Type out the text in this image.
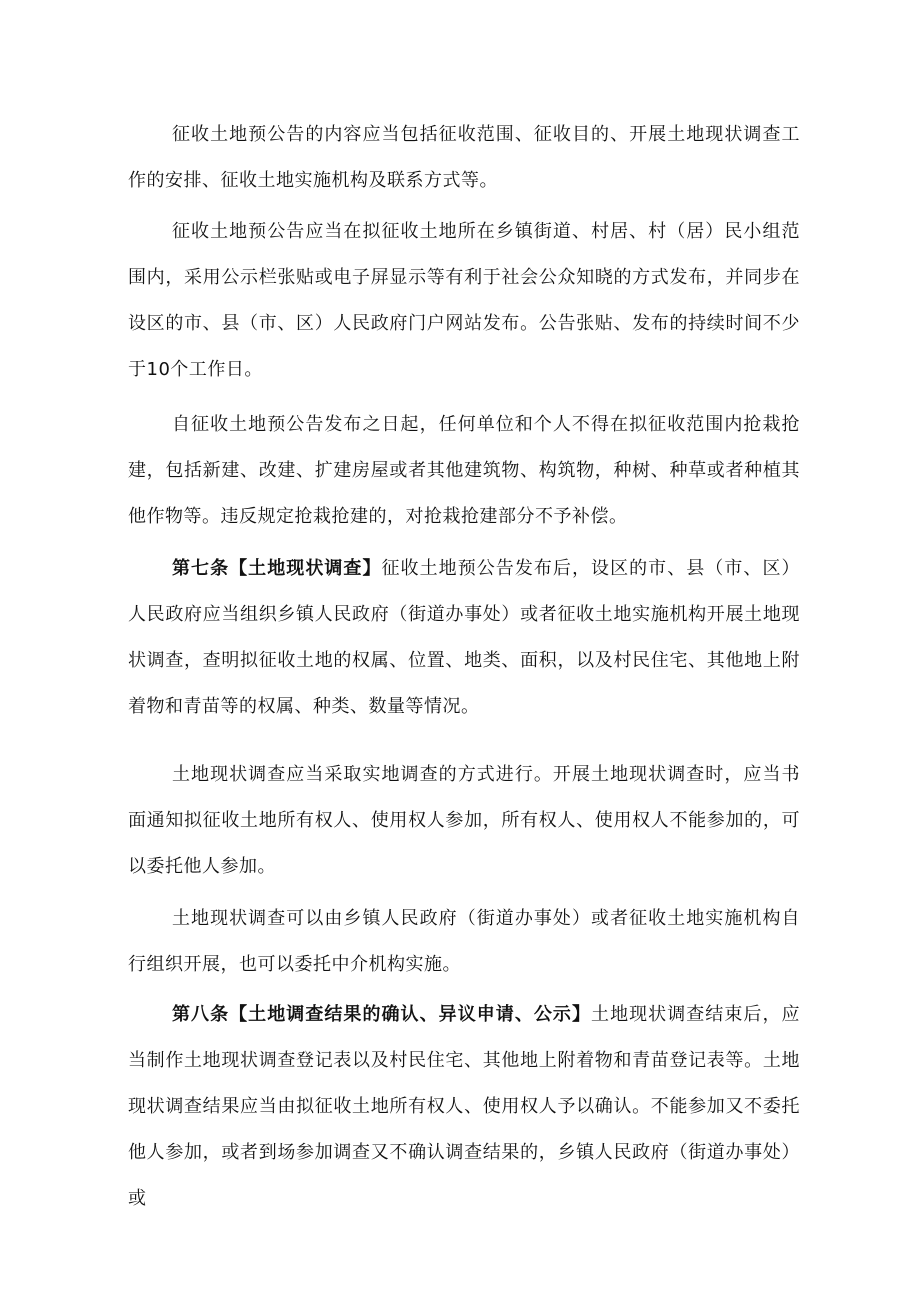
征收土地预公告的内容应当包括征收范围、征收目的、开展土地现状调查工作的安排、征收土地实施机构及联系方式等。

征收土地预公告应当在拟征收土地所在乡镇街道、村居、村（居）民小组范围内，采用公示栏张贴或电子屏显示等有利于社会公众知晓的方式发布，并同步在设区的市、县（市、区）人民政府门户网站发布。公告张贴、发布的持续时间不少于10个工作日。

自征收土地预公告发布之日起，任何单位和个人不得在拟征收范围内抢栽抢建，包括新建、改建、扩建房屋或者其他建筑物、构筑物，种树、种草或者种植其他作物等。违反规定抢栽抢建的，对抢栽抢建部分不予补偿。

第七条【土地现状调查】征收土地预公告发布后，设区的市、县（市、区）人民政府应当组织乡镇人民政府（街道办事处）或者征收土地实施机构开展土地现状调查，查明拟征收土地的权属、位置、地类、面积，以及村民住宅、其他地上附着物和青苗等的权属、种类、数量等情况。

土地现状调查应当采取实地调查的方式进行。开展土地现状调查时，应当书面通知拟征收土地所有权人、使用权人参加，所有权人、使用权人不能参加的，可以委托他人参加。

土地现状调查可以由乡镇人民政府（街道办事处）或者征收土地实施机构自行组织开展，也可以委托中介机构实施。

第八条【土地调查结果的确认、异议申请、公示】土地现状调查结束后，应当制作土地现状调查登记表以及村民住宅、其他地上附着物和青苗登记表等。土地现状调查结果应当由拟征收土地所有权人、使用权人予以确认。不能参加又不委托他人参加，或者到场参加调查又不确认调查结果的，乡镇人民政府（街道办事处）或
